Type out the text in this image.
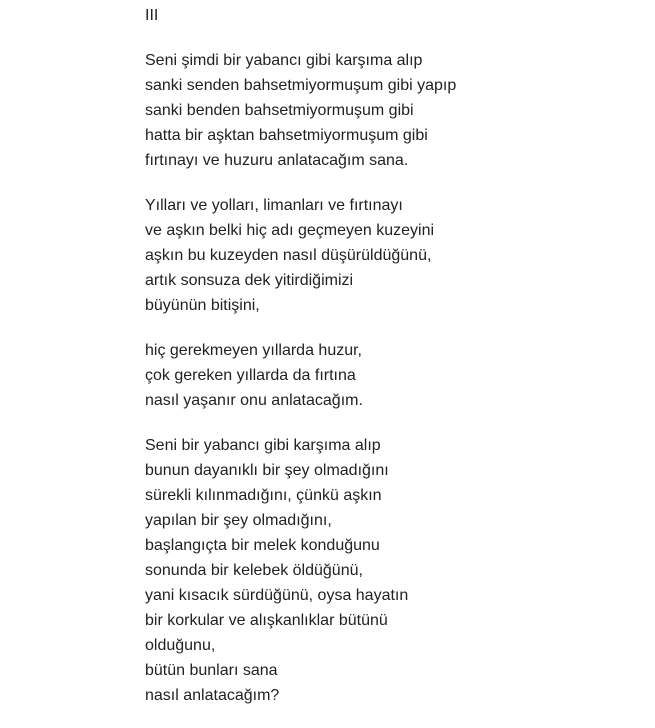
III
Seni şimdi bir yabancı gibi karşıma alıp
sanki senden bahsetmiyormuşum gibi yapıp
sanki benden bahsetmiyormuşum gibi
hatta bir aşktan bahsetmiyormuşum gibi
fırtınayı ve huzuru anlatacağım sana.
Yılları ve yolları, limanları ve fırtınayı
ve aşkın belki hiç adı geçmeyen kuzeyini
aşkın bu kuzeyden nasıl düşürüldüğünü,
artık sonsuza dek yitirdiğimizi
büyünün bitişini,
hiç gerekmeyen yıllarda huzur,
çok gereken yıllarda da fırtına
nasıl yaşanır onu anlatacağım.
Seni bir yabancı gibi karşıma alıp
bunun dayanıklı bir şey olmadığını
sürekli kılınmadığını, çünkü aşkın
yapılan bir şey olmadığını,
başlangıçta bir melek konduğunu
sonunda bir kelebek öldüğünü,
yani kısacık sürdüğünü, oysa hayatın
bir korkular ve alışkanlıklar bütünü
olduğunu,
bütün bunları sana
nasıl anlatacağım?
